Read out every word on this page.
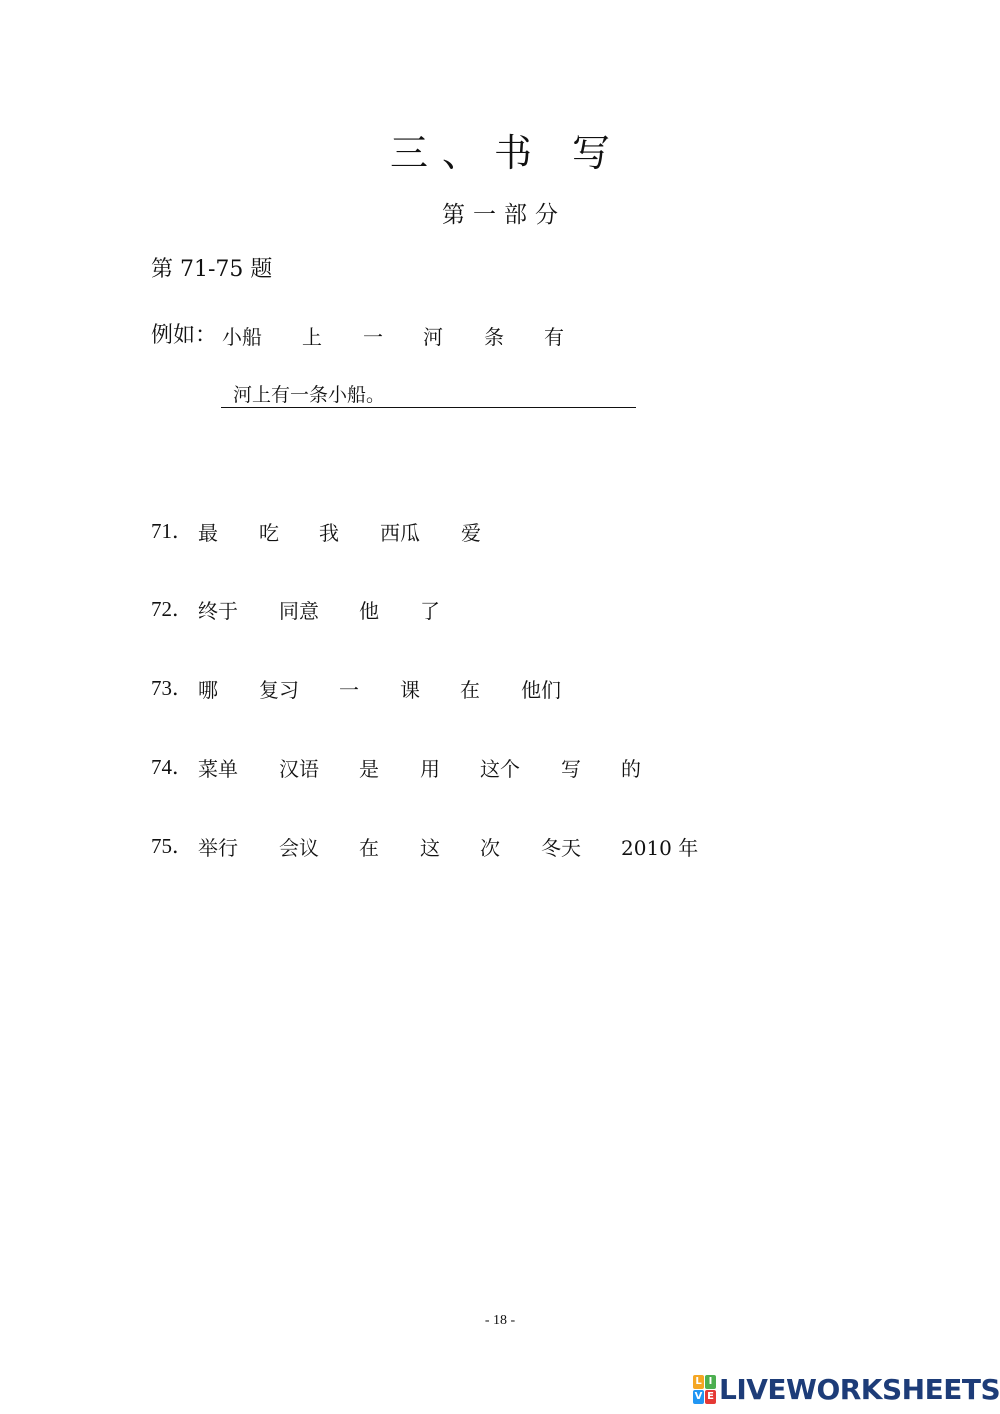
三、书 写
第一部分
第 71-75 题
例如： 小船 上 一 河 条 有
河上有一条小船。
71． 最 吃 我 西瓜 爱
72． 终于 同意 他 了
73． 哪 复习 一 课 在 他们
74． 菜单 汉语 是 用 这个 写 的
75． 举行 会议 在 这 次 冬天 2010 年
- 18 -
L I
V E LIVEWORKSHEETS
